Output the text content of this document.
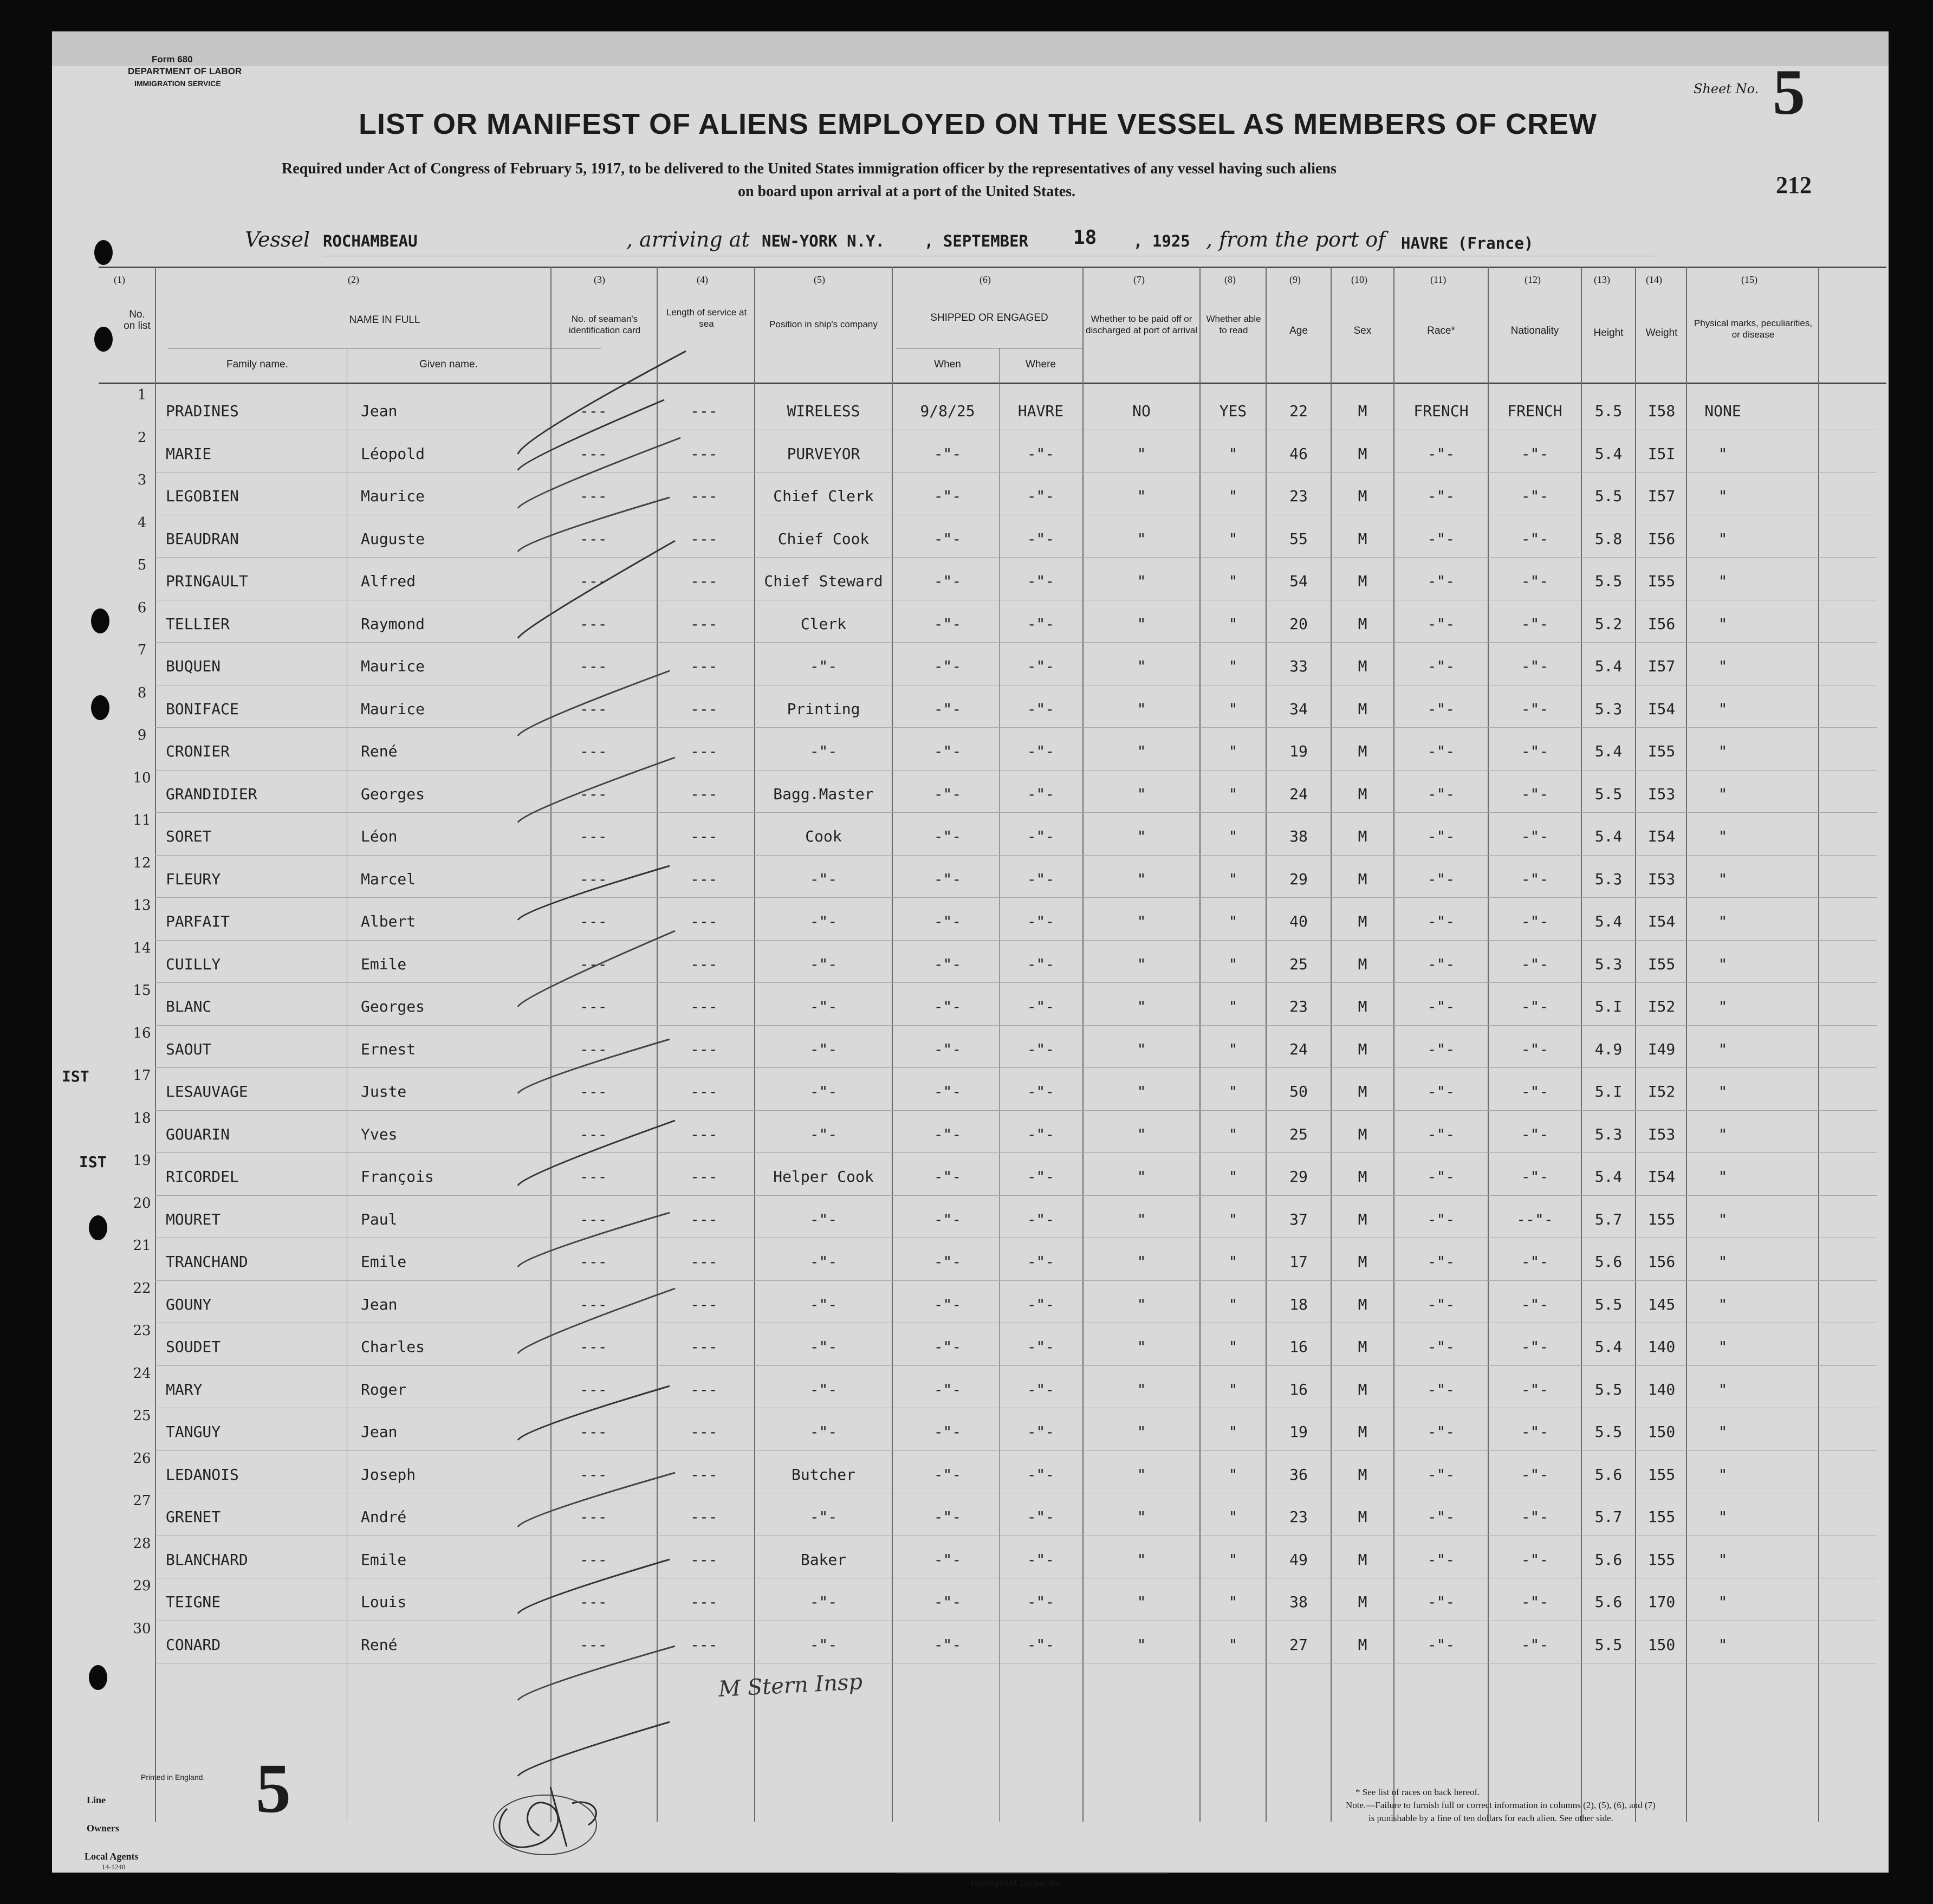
Form 680
DEPARTMENT OF LABOR
IMMIGRATION SERVICE	Sheet No. 5
212
LIST OR MANIFEST OF ALIENS EMPLOYED ON THE VESSEL AS MEMBERS OF CREW
Required under Act of Congress of February 5, 1917, to be delivered to the United States immigration officer by the representatives of any vessel having such aliens
on board upon arrival at a port of the United States.
Vessel ROCHAMBEAU	, arriving at NEW-YORK N.Y.	, SEPTEMBER 18 , 1925 , from the port of HAVRE (France)
(1)	(2)	(3)	(4)	(5)	(6)	(7)	(8)	(9)	(10)	(11)	(12)	(13)	(14)	(15)
No. on list
NAME IN FULL
Family name.	Given name.
No. of seaman's identification card
Length of service at sea	Position in ship's company
SHIPPED OR ENGAGED
When	Where
Whether to be paid off or discharged at port of arrival
Whether able to read	Age	Sex	Race*	Nationality	Height	Weight
Physical marks, peculiarities, or disease
1
PRADINES	Jean	---	---	WIRELESS	9/8/25	HAVRE	NO	YES	22	M	FRENCH	FRENCH	5.5	I58	NONE
2
MARIE	Léopold	---	---	PURVEYOR	-"-	-"-	"	"	46	M	-"-	-"-	5.4	I5I	"
3
LEGOBIEN	Maurice	---	---	Chief Clerk	-"-	-"-	"	"	23	M	-"-	-"-	5.5	I57	"
4
BEAUDRAN	Auguste	---	---	Chief Cook	-"-	-"-	"	"	55	M	-"-	-"-	5.8	I56	"
5
PRINGAULT	Alfred	---	---	Chief Steward	-"-	-"-	"	"	54	M	-"-	-"-	5.5	I55	"
6
TELLIER	Raymond	---	---	Clerk	-"-	-"-	"	"	20	M	-"-	-"-	5.2	I56	"
7
BUQUEN	Maurice	---	---	-"-	-"-	-"-	"	"	33	M	-"-	-"-	5.4	I57	"
8
BONIFACE	Maurice	---	---	Printing	-"-	-"-	"	"	34	M	-"-	-"-	5.3	I54	"
9
CRONIER	René	---	---	-"-	-"-	-"-	"	"	19	M	-"-	-"-	5.4	I55	"
10
GRANDIDIER	Georges	---	---	Bagg.Master	-"-	-"-	"	"	24	M	-"-	-"-	5.5	I53	"
11
SORET	Léon	---	---	Cook	-"-	-"-	"	"	38	M	-"-	-"-	5.4	I54	"
12
FLEURY	Marcel	---	---	-"-	-"-	-"-	"	"	29	M	-"-	-"-	5.3	I53	"
13
PARFAIT	Albert	---	---	-"-	-"-	-"-	"	"	40	M	-"-	-"-	5.4	I54	"
14
CUILLY	Emile	---	---	-"-	-"-	-"-	"	"	25	M	-"-	-"-	5.3	I55	"
15
BLANC	Georges	---	---	-"-	-"-	-"-	"	"	23	M	-"-	-"-	5.I	I52	"
16
SAOUT	Ernest	---	---	-"-	-"-	-"-	"	"	24	M	-"-	-"-	4.9	I49	"
17
LESAUVAGE	Juste	---	---	-"-	-"-	-"-	"	"	50	M	-"-	-"-	5.I	I52	"
18
GOUARIN	Yves	---	---	-"-	-"-	-"-	"	"	25	M	-"-	-"-	5.3	I53	"
19
RICORDEL	François	---	---	Helper Cook	-"-	-"-	"	"	29	M	-"-	-"-	5.4	I54	"
20
MOURET	Paul	---	---	-"-	-"-	-"-	"	"	37	M	-"-	--"-	5.7	155	"
21
TRANCHAND	Emile	---	---	-"-	-"-	-"-	"	"	17	M	-"-	-"-	5.6	156	"
22
GOUNY	Jean	---	---	-"-	-"-	-"-	"	"	18	M	-"-	-"-	5.5	145	"
23
SOUDET	Charles	---	---	-"-	-"-	-"-	"	"	16	M	-"-	-"-	5.4	140	"
24
MARY	Roger	---	---	-"-	-"-	-"-	"	"	16	M	-"-	-"-	5.5	140	"
25
TANGUY	Jean	---	---	-"-	-"-	-"-	"	"	19	M	-"-	-"-	5.5	150	"
26
LEDANOIS	Joseph	---	---	Butcher	-"-	-"-	"	"	36	M	-"-	-"-	5.6	155	"
27
GRENET	André	---	---	-"-	-"-	-"-	"	"	23	M	-"-	-"-	5.7	155	"
28
BLANCHARD	Emile	---	---	Baker	-"-	-"-	"	"	49	M	-"-	-"-	5.6	155	"
29
TEIGNE	Louis	---	---	-"-	-"-	-"-	"	"	38	M	-"-	-"-	5.6	170	"
30
CONARD	René	---	---	-"-	-"-	-"-	"	"	27	M	-"-	-"-	5.5	150	"
IST
IST
M Stern Insp
Printed in England.
Line
Owners
Local Agents
14-1240
5
Immigrant Inspector.
* See list of races on back hereof.
Note.—Failure to furnish full or correct information in columns (2), (5), (6), and (7)
is punishable by a fine of ten dollars for each alien. See other side.
